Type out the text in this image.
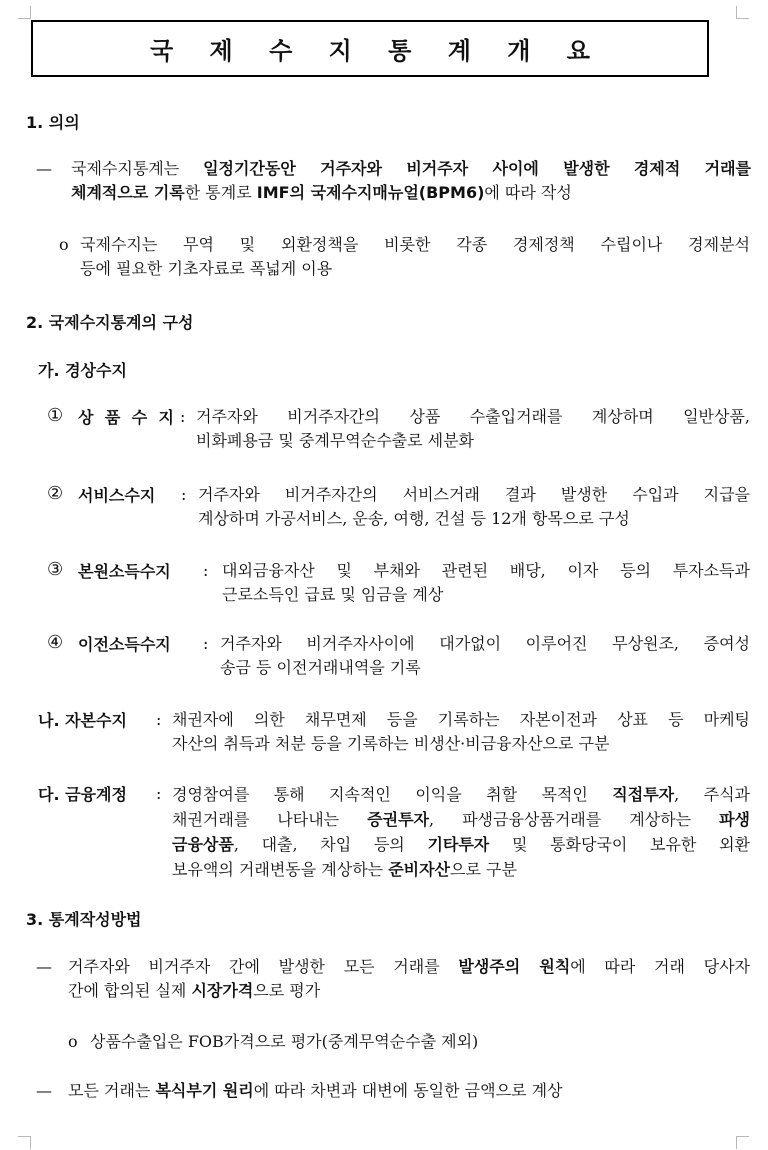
국 제 수 지 통 계 개 요
1. 의의
— 국제수지통계는 일정기간동안 거주자와 비거주자 사이에 발생한 경제적 거래를
체계적으로 기록한 통계로 IMF의 국제수지매뉴얼(BPM6)에 따라 작성
o 국제수지는 무역 및 외환정책을 비롯한 각종 경제정책 수립이나 경제분석
등에 필요한 기초자료로 폭넓게 이용
2. 국제수지통계의 구성
가. 경상수지
① 상 품 수 지 : 거주자와 비거주자간의 상품 수출입거래를 계상하며 일반상품,
비화폐용금 및 중계무역순수출로 세분화
② 서비스수지 : 거주자와 비거주자간의 서비스거래 결과 발생한 수입과 지급을
계상하며 가공서비스, 운송, 여행, 건설 등 12개 항목으로 구성
③ 본원소득수지 : 대외금융자산 및 부채와 관련된 배당, 이자 등의 투자소득과
근로소득인 급료 및 임금을 계상
④ 이전소득수지 : 거주자와 비거주자사이에 대가없이 이루어진 무상원조, 증여성
송금 등 이전거래내역을 기록
나. 자본수지 : 채권자에 의한 채무면제 등을 기록하는 자본이전과 상표 등 마케팅
자산의 취득과 처분 등을 기록하는 비생산·비금융자산으로 구분
다. 금융계정 : 경영참여를 통해 지속적인 이익을 취할 목적인 직접투자, 주식과
채권거래를 나타내는 증권투자, 파생금융상품거래를 계상하는 파생
금융상품, 대출, 차입 등의 기타투자 및 통화당국이 보유한 외환
보유액의 거래변동을 계상하는 준비자산으로 구분
3. 통계작성방법
— 거주자와 비거주자 간에 발생한 모든 거래를 발생주의 원칙에 따라 거래 당사자
간에 합의된 실제 시장가격으로 평가
o 상품수출입은 FOB가격으로 평가(중계무역순수출 제외)
— 모든 거래는 복식부기 원리에 따라 차변과 대변에 동일한 금액으로 계상
